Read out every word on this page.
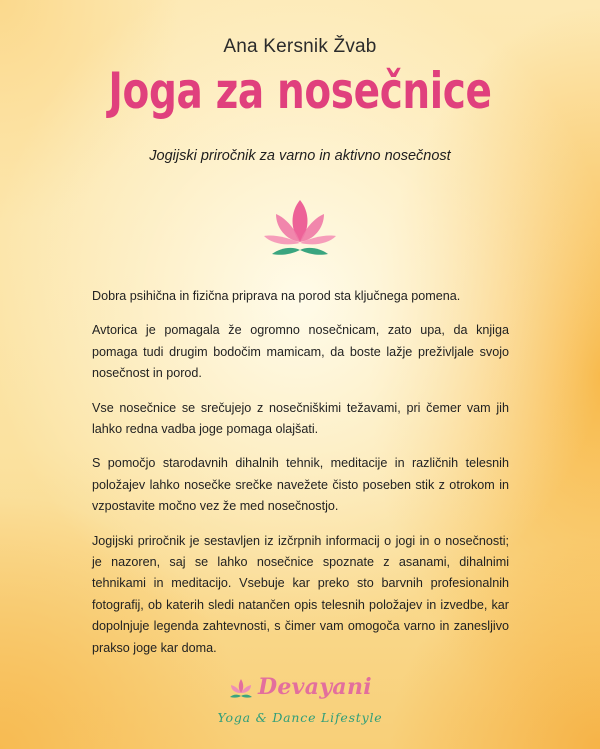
Ana Kersnik Žvab
Joga za nosečnice
Jogijski priročnik za varno in aktivno nosečnost

Dobra psihična in fizična priprava na porod sta ključnega pomena.

Avtorica je pomagala že ogromno nosečnicam, zato upa, da knjiga pomaga tudi drugim bodočim mamicam, da boste lažje preživljale svojo nosečnost in porod.

Vse nosečnice se srečujejo z nosečniškimi težavami, pri čemer vam jih lahko redna vadba joge pomaga olajšati.

S pomočjo starodavnih dihalnih tehnik, meditacije in različnih telesnih položajev lahko nosečke srečke navežete čisto poseben stik z otrokom in vzpostavite močno vez že med nosečnostjo.

Jogijski priročnik je sestavljen iz izčrpnih informacij o jogi in o nosečnosti; je nazoren, saj se lahko nosečnice spoznate z asanami, dihalnimi tehnikami in meditacijo. Vsebuje kar preko sto barvnih profesionalnih fotografij, ob katerih sledi natančen opis telesnih položajev in izvedbe, kar dopolnjuje legenda zahtevnosti, s čimer vam omogoča varno in zanesljivo prakso joge kar doma.

Devayani
Yoga & Dance Lifestyle
